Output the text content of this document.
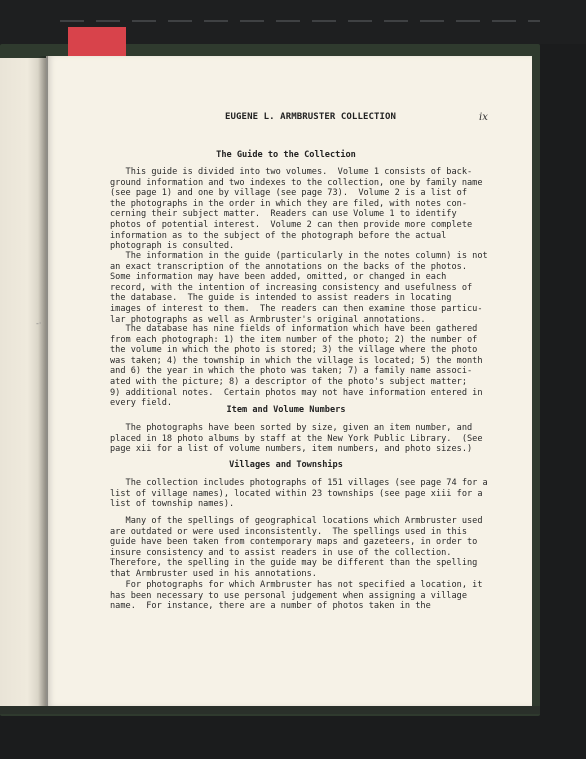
EUGENE L. ARMBRUSTER COLLECTION	ix
The Guide to the Collection
This guide is divided into two volumes.  Volume 1 consists of back-
ground information and two indexes to the collection, one by family name
(see page 1) and one by village (see page 73).  Volume 2 is a list of
the photographs in the order in which they are filed, with notes con-
cerning their subject matter.  Readers can use Volume 1 to identify
photos of potential interest.  Volume 2 can then provide more complete
information as to the subject of the photograph before the actual
photograph is consulted.
The information in the guide (particularly in the notes column) is not
an exact transcription of the annotations on the backs of the photos.
Some information may have been added, omitted, or changed in each
record, with the intention of increasing consistency and usefulness of
the database.  The guide is intended to assist readers in locating
images of interest to them.  The readers can then examine those particu-
lar photographs as well as Armbruster's original annotations.
The database has nine fields of information which have been gathered
from each photograph: 1) the item number of the photo; 2) the number of
the volume in which the photo is stored; 3) the village where the photo
was taken; 4) the township in which the village is located; 5) the month
and 6) the year in which the photo was taken; 7) a family name associ-
ated with the picture; 8) a descriptor of the photo's subject matter;
9) additional notes.  Certain photos may not have information entered in
every field.
Item and Volume Numbers
The photographs have been sorted by size, given an item number, and
placed in 18 photo albums by staff at the New York Public Library.  (See
page xii for a list of volume numbers, item numbers, and photo sizes.)
Villages and Townships
The collection includes photographs of 151 villages (see page 74 for a
list of village names), located within 23 townships (see page xiii for a
list of township names).
Many of the spellings of geographical locations which Armbruster used
are outdated or were used inconsistently.  The spellings used in this
guide have been taken from contemporary maps and gazeteers, in order to
insure consistency and to assist readers in use of the collection.
Therefore, the spelling in the guide may be different than the spelling
that Armbruster used in his annotations.
For photographs for which Armbruster has not specified a location, it
has been necessary to use personal judgement when assigning a village
name.  For instance, there are a number of photos taken in the
